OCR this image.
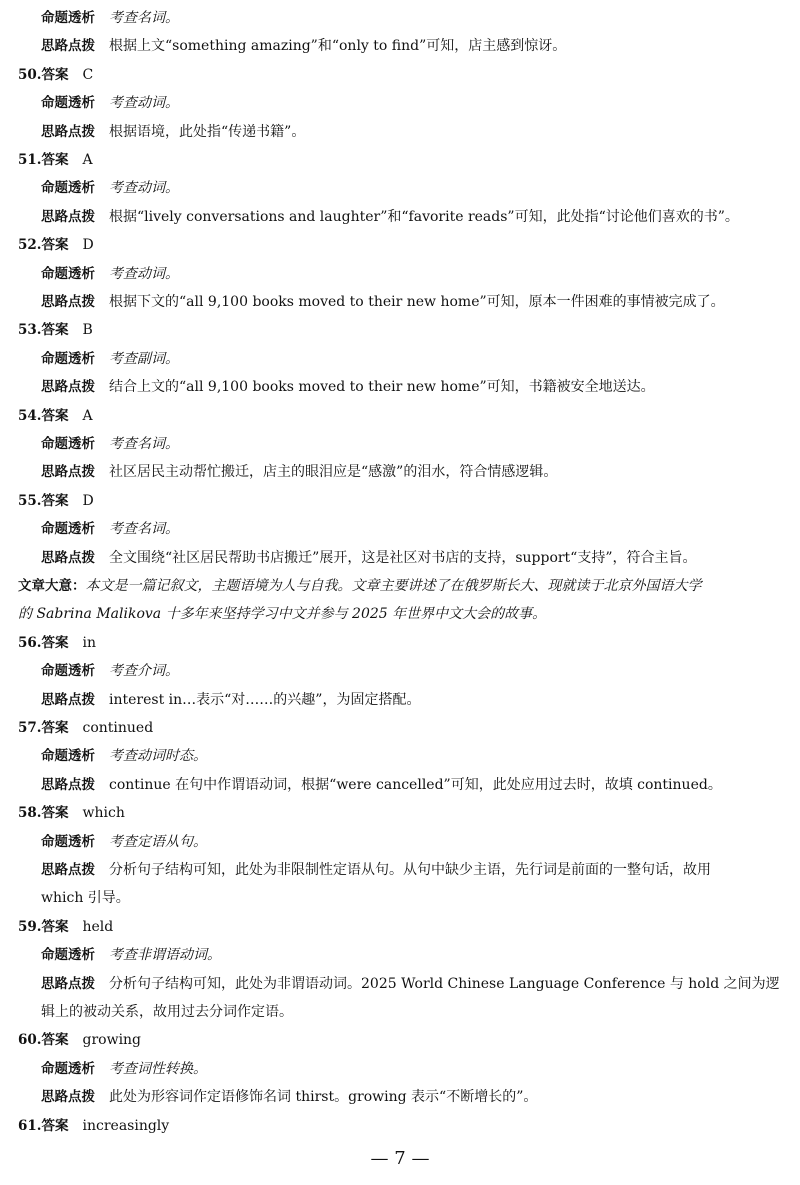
命题透析 考查名词。
思路点拨 根据上文“something amazing”和“only to find”可知，店主感到惊讶。
50.答案 C
命题透析 考查动词。
思路点拨 根据语境，此处指“传递书籍”。
51.答案 A
命题透析 考查动词。
思路点拨 根据“lively conversations and laughter”和“favorite reads”可知，此处指“讨论他们喜欢的书”。
52.答案 D
命题透析 考查动词。
思路点拨 根据下文的“all 9,100 books moved to their new home”可知，原本一件困难的事情被完成了。
53.答案 B
命题透析 考查副词。
思路点拨 结合上文的“all 9,100 books moved to their new home”可知，书籍被安全地送达。
54.答案 A
命题透析 考查名词。
思路点拨 社区居民主动帮忙搬迁，店主的眼泪应是“感激”的泪水，符合情感逻辑。
55.答案 D
命题透析 考查名词。
思路点拨 全文围绕“社区居民帮助书店搬迁”展开，这是社区对书店的支持，support“支持”，符合主旨。
文章大意：本文是一篇记叙文，主题语境为人与自我。文章主要讲述了在俄罗斯长大、现就读于北京外国语大学
的 Sabrina Malikova 十多年来坚持学习中文并参与 2025 年世界中文大会的故事。
56.答案 in
命题透析 考查介词。
思路点拨 interest in…表示“对……的兴趣”，为固定搭配。
57.答案 continued
命题透析 考查动词时态。
思路点拨 continue 在句中作谓语动词，根据“were cancelled”可知，此处应用过去时，故填 continued。
58.答案 which
命题透析 考查定语从句。
思路点拨 分析句子结构可知，此处为非限制性定语从句。从句中缺少主语，先行词是前面的一整句话，故用
which 引导。
59.答案 held
命题透析 考查非谓语动词。
思路点拨 分析句子结构可知，此处为非谓语动词。2025 World Chinese Language Conference 与 hold 之间为逻
辑上的被动关系，故用过去分词作定语。
60.答案 growing
命题透析 考查词性转换。
思路点拨 此处为形容词作定语修饰名词 thirst。growing 表示“不断增长的”。
61.答案 increasingly
— 7 —
